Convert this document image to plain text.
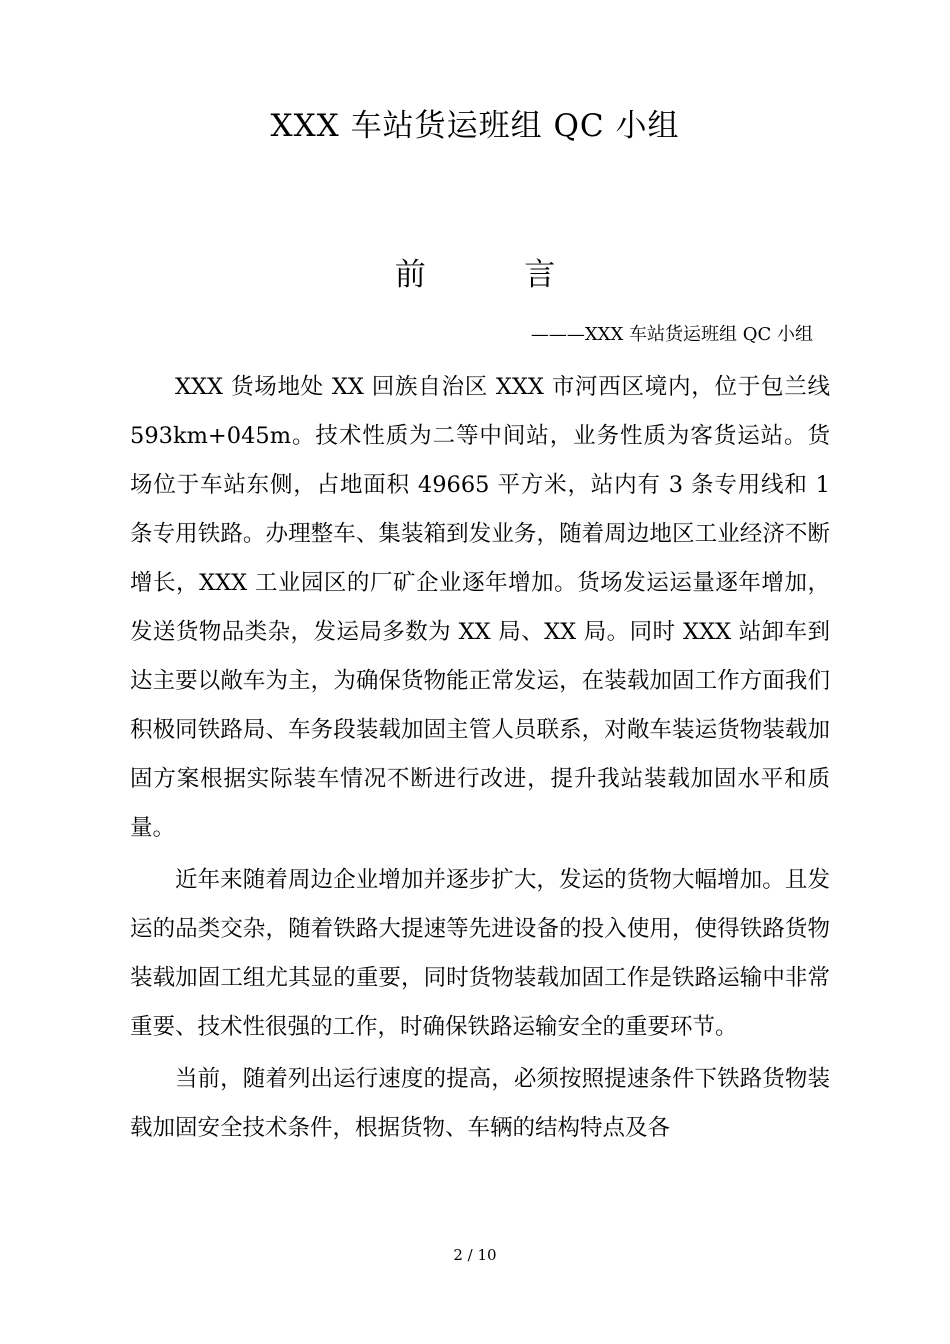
XXX 车站货运班组 QC 小组
前          言
———XXX 车站货运班组 QC 小组

XXX 货场地处 XX 回族自治区 XXX 市河西区境内，位于包兰线 593km+045m。技术性质为二等中间站，业务性质为客货运站。货场位于车站东侧，占地面积 49665 平方米，站内有 3 条专用线和 1 条专用铁路。办理整车、集装箱到发业务，随着周边地区工业经济不断增长，XXX 工业园区的厂矿企业逐年增加。货场发运运量逐年增加，发送货物品类杂，发运局多数为 XX 局、XX 局。同时 XXX 站卸车到达主要以敞车为主，为确保货物能正常发运，在装载加固工作方面我们积极同铁路局、车务段装载加固主管人员联系，对敞车装运货物装载加固方案根据实际装车情况不断进行改进，提升我站装载加固水平和质量。

近年来随着周边企业增加并逐步扩大，发运的货物大幅增加。且发运的品类交杂，随着铁路大提速等先进设备的投入使用，使得铁路货物装载加固工组尤其显的重要，同时货物装载加固工作是铁路运输中非常重要、技术性很强的工作，时确保铁路运输安全的重要环节。

当前，随着列出运行速度的提高，必须按照提速条件下铁路货物装载加固安全技术条件，根据货物、车辆的结构特点及各

2 / 10
